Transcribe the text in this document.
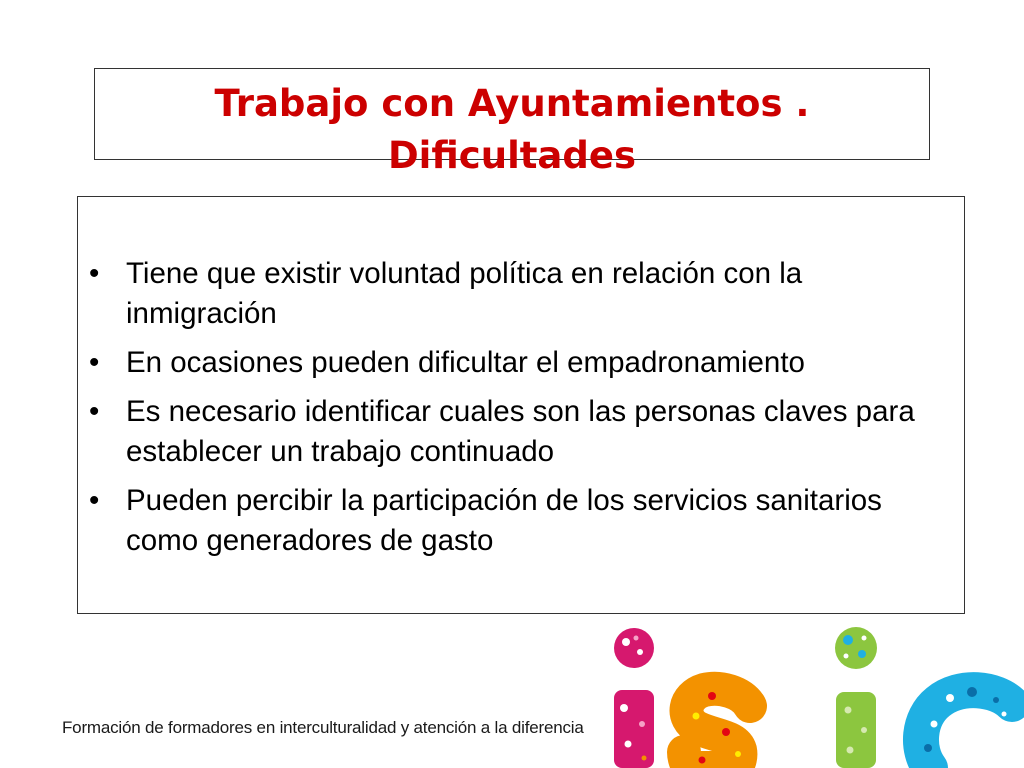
Trabajo con Ayuntamientos . Dificultades
• Tiene que existir voluntad política en relación con la inmigración
• En ocasiones pueden dificultar el empadronamiento
• Es necesario identificar cuales son las personas claves para establecer un trabajo continuado
• Pueden percibir la participación de los servicios sanitarios como generadores de gasto

Formación de formadores en interculturalidad y atención a la diferencia
